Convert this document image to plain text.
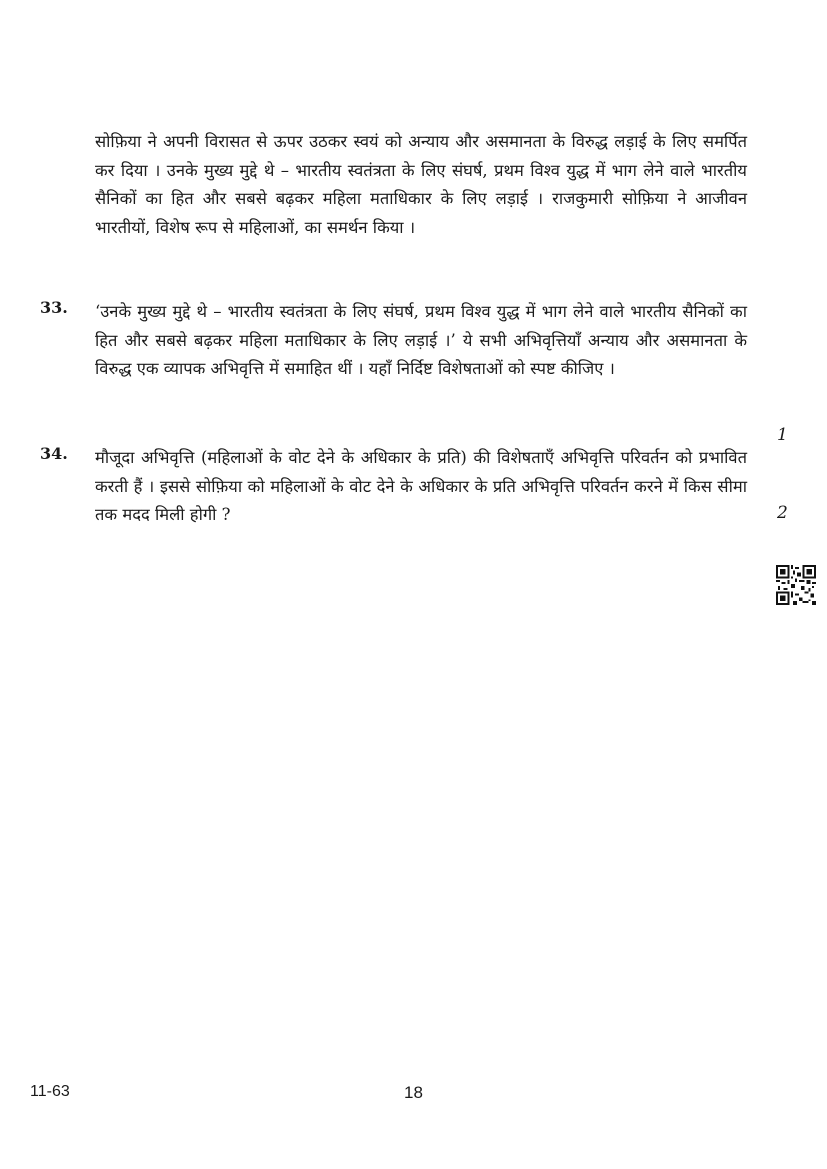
सोफ़िया ने अपनी विरासत से ऊपर उठकर स्वयं को अन्याय और असमानता के विरुद्ध लड़ाई के लिए समर्पित कर दिया । उनके मुख्य मुद्दे थे – भारतीय स्वतंत्रता के लिए संघर्ष, प्रथम विश्व युद्ध में भाग लेने वाले भारतीय सैनिकों का हित और सबसे बढ़कर महिला मताधिकार के लिए लड़ाई । राजकुमारी सोफ़िया ने आजीवन भारतीयों, विशेष रूप से महिलाओं, का समर्थन किया ।
33.	‘उनके मुख्य मुद्दे थे – भारतीय स्वतंत्रता के लिए संघर्ष, प्रथम विश्व युद्ध में भाग लेने वाले भारतीय सैनिकों का हित और सबसे बढ़कर महिला मताधिकार के लिए लड़ाई ।’ ये सभी अभिवृत्तियाँ अन्याय और असमानता के विरुद्ध एक व्यापक अभिवृत्ति में समाहित थीं । यहाँ निर्दिष्ट विशेषताओं को स्पष्ट कीजिए ।
1
34.	मौजूदा अभिवृत्ति (महिलाओं के वोट देने के अधिकार के प्रति) की विशेषताएँ अभिवृत्ति परिवर्तन को प्रभावित करती हैं । इससे सोफ़िया को महिलाओं के वोट देने के अधिकार के प्रति अभिवृत्ति परिवर्तन करने में किस सीमा तक मदद मिली होगी ?	2
11-63	18
